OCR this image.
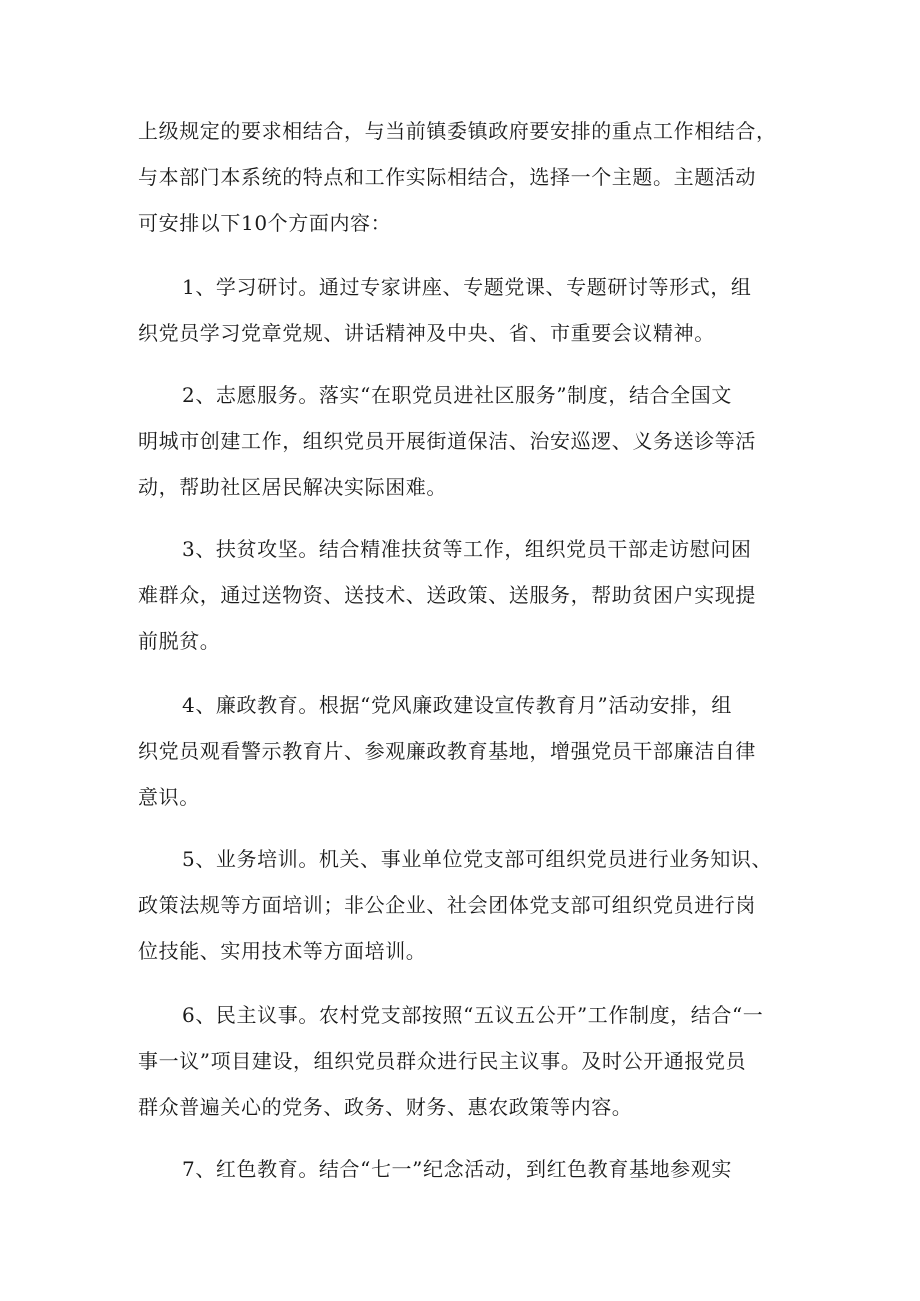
上级规定的要求相结合，与当前镇委镇政府要安排的重点工作相结合，
与本部门本系统的特点和工作实际相结合，选择一个主题。主题活动
可安排以下10个方面内容：

1、学习研讨。通过专家讲座、专题党课、专题研讨等形式，组
织党员学习党章党规、讲话精神及中央、省、市重要会议精神。

2、志愿服务。落实“在职党员进社区服务”制度，结合全国文
明城市创建工作，组织党员开展街道保洁、治安巡逻、义务送诊等活
动，帮助社区居民解决实际困难。

3、扶贫攻坚。结合精准扶贫等工作，组织党员干部走访慰问困
难群众，通过送物资、送技术、送政策、送服务，帮助贫困户实现提
前脱贫。

4、廉政教育。根据“党风廉政建设宣传教育月”活动安排，组
织党员观看警示教育片、参观廉政教育基地，增强党员干部廉洁自律
意识。

5、业务培训。机关、事业单位党支部可组织党员进行业务知识、
政策法规等方面培训；非公企业、社会团体党支部可组织党员进行岗
位技能、实用技术等方面培训。

6、民主议事。农村党支部按照“五议五公开”工作制度，结合“一
事一议”项目建设，组织党员群众进行民主议事。及时公开通报党员
群众普遍关心的党务、政务、财务、惠农政策等内容。

7、红色教育。结合“七一”纪念活动，到红色教育基地参观实
